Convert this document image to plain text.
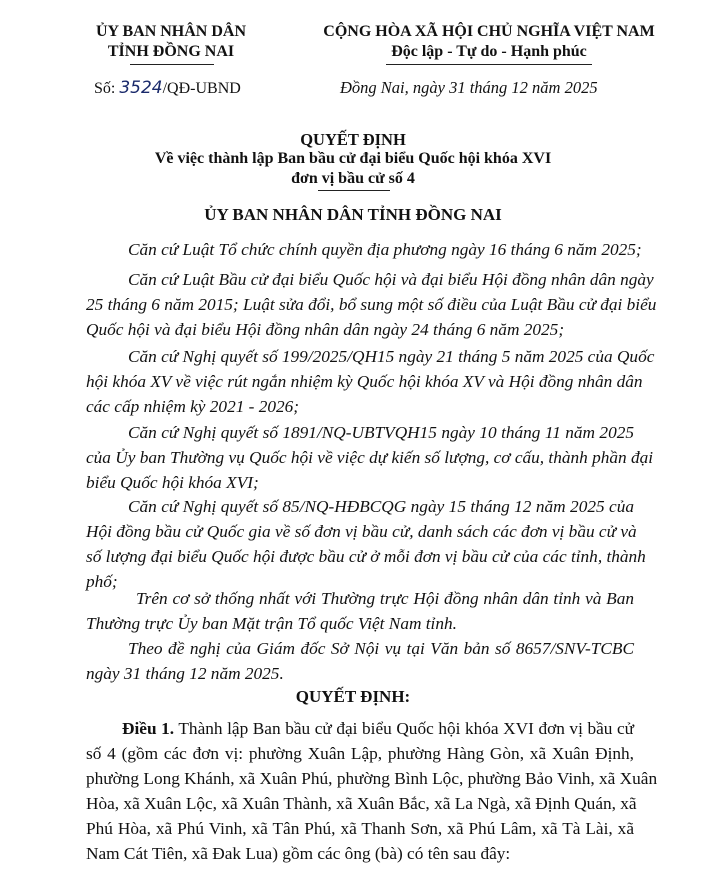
ỦY BAN NHÂN DÂN
TỈNH ĐỒNG NAI
CỘNG HÒA XÃ HỘI CHỦ NGHĨA VIỆT NAM
Độc lập - Tự do - Hạnh phúc
Số: 3524/QĐ-UBND	Đồng Nai, ngày 31 tháng 12 năm 2025
QUYẾT ĐỊNH
Về việc thành lập Ban bầu cử đại biểu Quốc hội khóa XVI
đơn vị bầu cử số 4
ỦY BAN NHÂN DÂN TỈNH ĐỒNG NAI
Căn cứ Luật Tổ chức chính quyền địa phương ngày 16 tháng 6 năm 2025;
Căn cứ Luật Bầu cử đại biểu Quốc hội và đại biểu Hội đồng nhân dân ngày
25 tháng 6 năm 2015; Luật sửa đổi, bổ sung một số điều của Luật Bầu cử đại biểu
Quốc hội và đại biểu Hội đồng nhân dân ngày 24 tháng 6 năm 2025;
Căn cứ Nghị quyết số 199/2025/QH15 ngày 21 tháng 5 năm 2025 của Quốc
hội khóa XV về việc rút ngắn nhiệm kỳ Quốc hội khóa XV và Hội đồng nhân dân
các cấp nhiệm kỳ 2021 - 2026;
Căn cứ Nghị quyết số 1891/NQ-UBTVQH15 ngày 10 tháng 11 năm 2025
của Ủy ban Thường vụ Quốc hội về việc dự kiến số lượng, cơ cấu, thành phần đại
biểu Quốc hội khóa XVI;
Căn cứ Nghị quyết số 85/NQ-HĐBCQG ngày 15 tháng 12 năm 2025 của
Hội đồng bầu cử Quốc gia về số đơn vị bầu cử, danh sách các đơn vị bầu cử và
số lượng đại biểu Quốc hội được bầu cử ở mỗi đơn vị bầu cử của các tỉnh, thành
phố;
Trên cơ sở thống nhất với Thường trực Hội đồng nhân dân tỉnh và Ban
Thường trực Ủy ban Mặt trận Tổ quốc Việt Nam tỉnh.
Theo đề nghị của Giám đốc Sở Nội vụ tại Văn bản số 8657/SNV-TCBC
ngày 31 tháng 12 năm 2025.
QUYẾT ĐỊNH:
Điều 1. Thành lập Ban bầu cử đại biểu Quốc hội khóa XVI đơn vị bầu cử
số 4 (gồm các đơn vị: phường Xuân Lập, phường Hàng Gòn, xã Xuân Định,
phường Long Khánh, xã Xuân Phú, phường Bình Lộc, phường Bảo Vinh, xã Xuân
Hòa, xã Xuân Lộc, xã Xuân Thành, xã Xuân Bắc, xã La Ngà, xã Định Quán, xã
Phú Hòa, xã Phú Vinh, xã Tân Phú, xã Thanh Sơn, xã Phú Lâm, xã Tà Lài, xã
Nam Cát Tiên, xã Đak Lua) gồm các ông (bà) có tên sau đây:
